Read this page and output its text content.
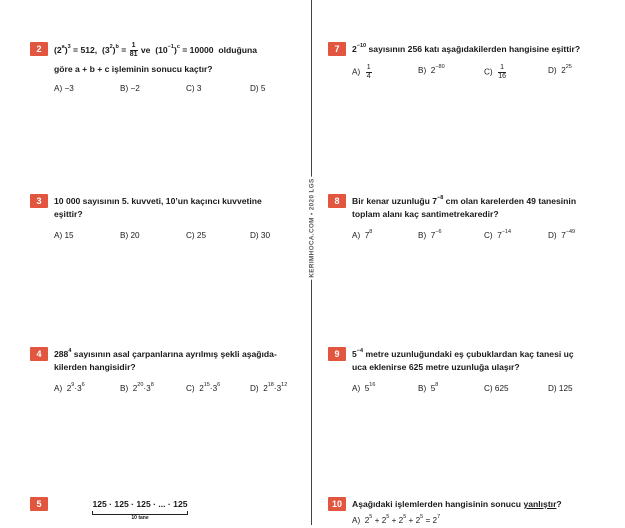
KERIMHOCA.COM • 2020 LGS
2	$(2^a)^3 = 512$,  $(3^2)^b = \frac{1}{81}$ ve  $(10^{-1})^c = 10000$ olduğuna
göre a + b + c işleminin sonucu kaçtır?
A) −3	B) −2	C) 3	D) 5
3	10 000 sayısının 5. kuvveti, 10’un kaçıncı kuvvetine
eşittir?
A) 15	B) 20	C) 25	D) 30
4	$288^4$ sayısının asal çarpanlarına ayrılmış şekli aşağıda-
kilerden hangisidir?
A)  $2^9\cdot 3^6$	B)  $2^{20}\cdot 3^8$	C)  $2^{15}\cdot 3^6$	D)  $2^{18}\cdot 3^{12}$
5	125 · 125 · 125 · ... · 125
10 tane
7	$2^{-10}$ sayısının 256 katı aşağıdakilerden hangisine eşittir?
$A) \frac{1}{4}$	B)  $2^{-80}$
$C) \frac{1}{16}$	D)  $2^{25}$
8	Bir kenar uzunluğu $7^{-8}$ cm olan karelerden 49 tanesinin
toplam alanı kaç santimetrekaredir?
A)  $7^8$	B)  $7^{-6}$	C)  $7^{-14}$	D)  $7^{-49}$
9	$5^{-4}$ metre uzunluğundaki eş çubuklardan kaç tanesi uç
uca eklenirse 625 metre uzunluğa ulaşır?
A)  $5^{16}$	B)  $5^8$	C) 625	D) 125
10	Aşağıdaki işlemlerden hangisinin sonucu yanlıştır?
A)  $2^5 + 2^5 + 2^5 + 2^5 = 2^7$
